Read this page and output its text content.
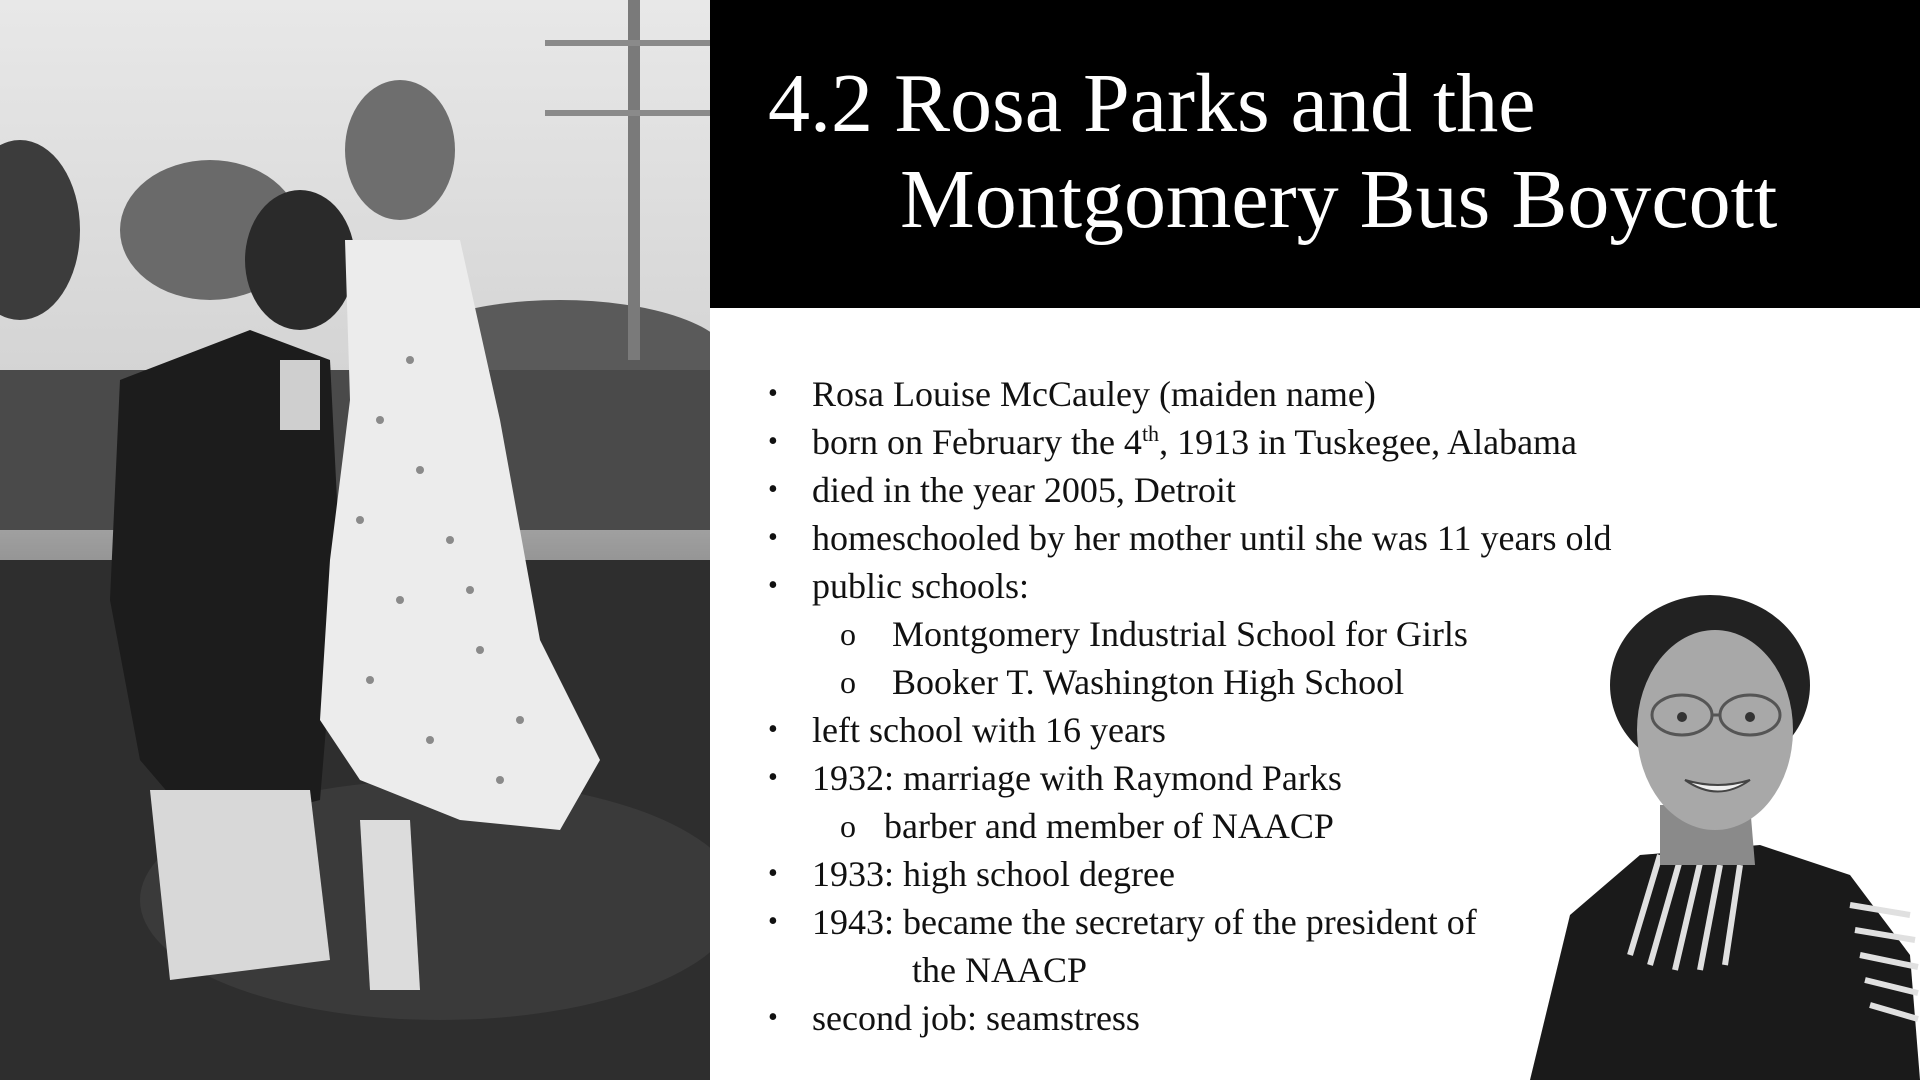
4.2 Rosa Parks and the
Montgomery Bus Boycott
• Rosa Louise McCauley (maiden name)
• born on February the 4th, 1913 in Tuskegee, Alabama
• died in the year 2005, Detroit
• homeschooled by her mother until she was 11 years old
• public schools:
o Montgomery Industrial School for Girls
o Booker T. Washington High School
• left school with 16 years
• 1932: marriage with Raymond Parks
o barber and member of NAACP
• 1933: high school degree
• 1943: became the secretary of the president of
the NAACP
• second job: seamstress
